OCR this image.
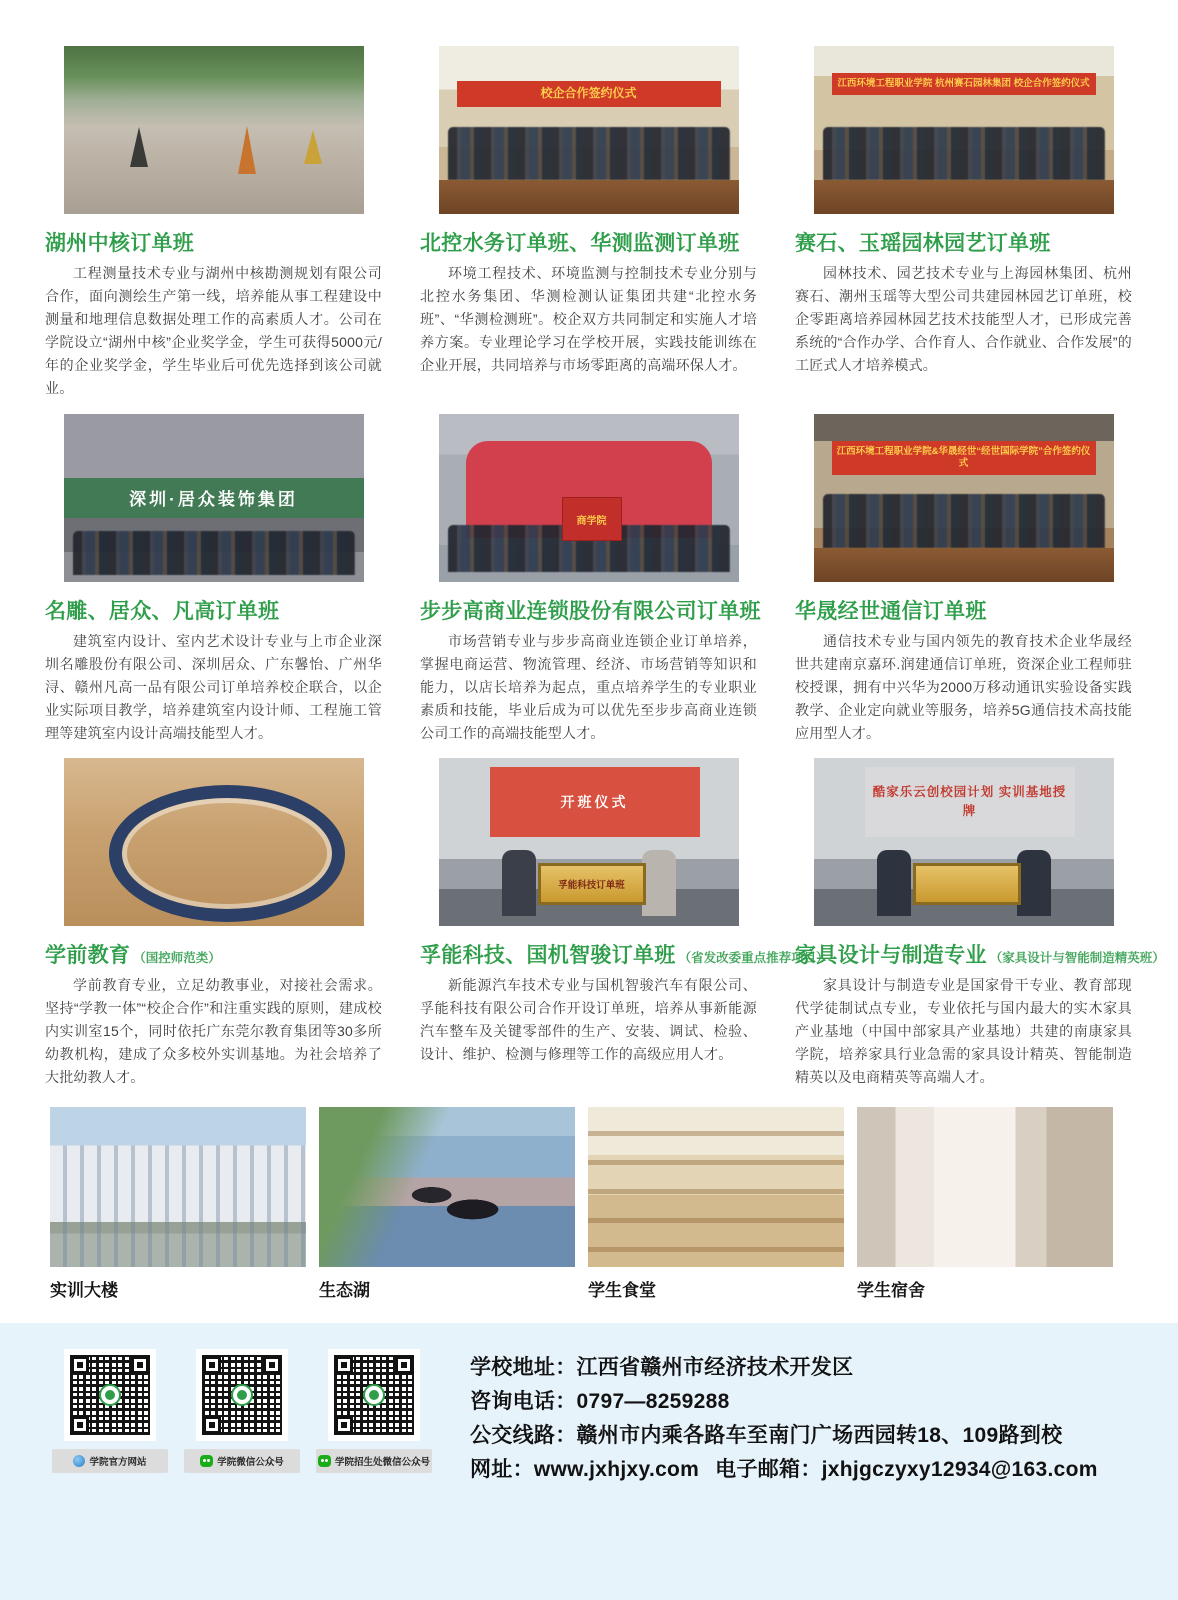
湖州中核订单班

工程测量技术专业与湖州中核勘测规划有限公司合作，面向测绘生产第一线，培养能从事工程建设中测量和地理信息数据处理工作的高素质人才。公司在学院设立“湖州中核”企业奖学金，学生可获得5000元/年的企业奖学金，学生毕业后可优先选择到该公司就业。

校企合作签约仪式
北控水务订单班、华测监测订单班

环境工程技术、环境监测与控制技术专业分别与北控水务集团、华测检测认证集团共建“北控水务班”、“华测检测班”。校企双方共同制定和实施人才培养方案。专业理论学习在学校开展，实践技能训练在企业开展，共同培养与市场零距离的高端环保人才。

江西环境工程职业学院 杭州赛石园林集团 校企合作签约仪式
赛石、玉瑶园林园艺订单班

园林技术、园艺技术专业与上海园林集团、杭州赛石、潮州玉瑶等大型公司共建园林园艺订单班，校企零距离培养园林园艺技术技能型人才，已形成完善系统的“合作办学、合作育人、合作就业、合作发展”的工匠式人才培养模式。

深圳·居众装饰集团
名雕、居众、凡高订单班

建筑室内设计、室内艺术设计专业与上市企业深圳名雕股份有限公司、深圳居众、广东馨怡、广州华浔、赣州凡高一品有限公司订单培养校企联合，以企业实际项目教学，培养建筑室内设计师、工程施工管理等建筑室内设计高端技能型人才。

商学院
步步高商业连锁股份有限公司订单班

市场营销专业与步步高商业连锁企业订单培养，掌握电商运营、物流管理、经济、市场营销等知识和能力，以店长培养为起点，重点培养学生的专业职业素质和技能，毕业后成为可以优先至步步高商业连锁公司工作的高端技能型人才。

江西环境工程职业学院&华晟经世“经世国际学院”合作签约仪式
华晟经世通信订单班

通信技术专业与国内领先的教育技术企业华晟经世共建南京嘉环.润建通信订单班，资深企业工程师驻校授课，拥有中兴华为2000万移动通讯实验设备实践教学、企业定向就业等服务，培养5G通信技术高技能应用型人才。

学前教育 （国控师范类）

学前教育专业，立足幼教事业，对接社会需求。坚持“学教一体”“校企合作”和注重实践的原则，建成校内实训室15个，同时依托广东莞尔教育集团等30多所幼教机构，建成了众多校外实训基地。为社会培养了大批幼教人才。

开班仪式
孚能科技订单班
孚能科技、国机智骏订单班 （省发改委重点推荐项目）

新能源汽车技术专业与国机智骏汽车有限公司、孚能科技有限公司合作开设订单班，培养从事新能源汽车整车及关键零部件的生产、安装、调试、检验、设计、维护、检测与修理等工作的高级应用人才。

酷家乐云创校园计划 实训基地授牌
家具设计与制造专业 （家具设计与智能制造精英班）

家具设计与制造专业是国家骨干专业、教育部现代学徒制试点专业，专业依托与国内最大的实木家具产业基地（中国中部家具产业基地）共建的南康家具学院，培养家具行业急需的家具设计精英、智能制造精英以及电商精英等高端人才。

实训大楼	生态湖	学生食堂	学生宿舍
学院官方网站	学院微信公众号	学院招生处微信公众号
学校地址：江西省赣州市经济技术开发区
咨询电话：0797—8259288
公交线路：赣州市内乘各路车至南门广场西园转18、109路到校
网址：www.jxhjxy.com 电子邮箱：jxhjgczyxy12934@163.com
